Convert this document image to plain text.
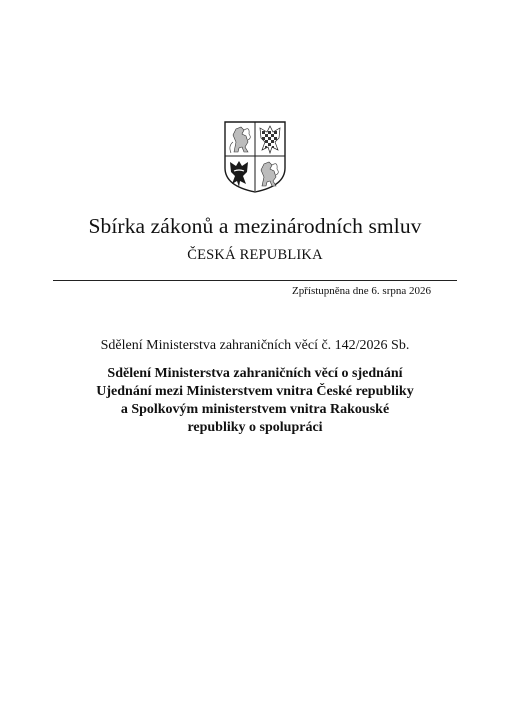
Sbírka zákonů a mezinárodních smluv
ČESKÁ REPUBLIKA
Zpřístupněna dne 6. srpna 2026
Sdělení Ministerstva zahraničních věcí č. 142/2026 Sb.
Sdělení Ministerstva zahraničních věcí o sjednání Ujednání mezi Ministerstvem vnitra České republiky a Spolkovým ministerstvem vnitra Rakouské republiky o spolupráci
